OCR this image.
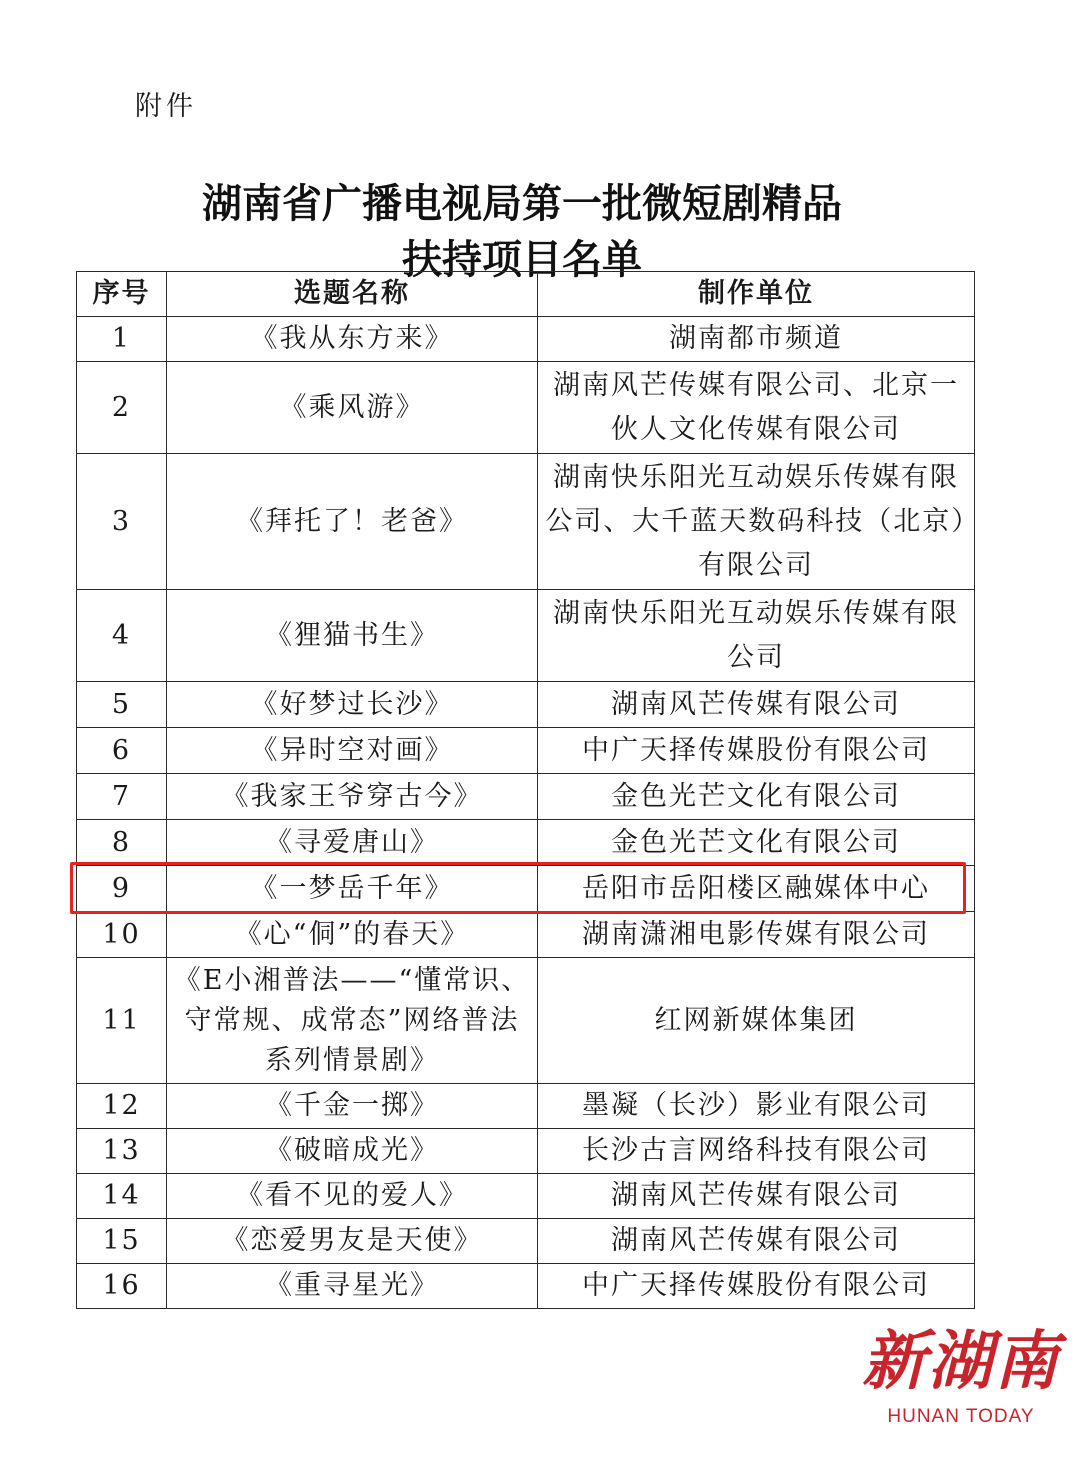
附件
湖南省广播电视局第一批微短剧精品
扶持项目名单
序号	选题名称	制作单位
1	《我从东方来》	湖南都市频道
2	《乘风游》	湖南风芒传媒有限公司、北京一伙人文化传媒有限公司
3	《拜托了！老爸》	湖南快乐阳光互动娱乐传媒有限公司、大千蓝天数码科技（北京）有限公司
4	《狸猫书生》	湖南快乐阳光互动娱乐传媒有限公司
5	《好梦过长沙》	湖南风芒传媒有限公司
6	《异时空对画》	中广天择传媒股份有限公司
7	《我家王爷穿古今》	金色光芒文化有限公司
8	《寻爱唐山》	金色光芒文化有限公司
9	《一梦岳千年》	岳阳市岳阳楼区融媒体中心
10	《心“侗”的春天》	湖南潇湘电影传媒有限公司
11	《E小湘普法——“懂常识、守常规、成常态”网络普法系列情景剧》	红网新媒体集团
12	《千金一掷》	墨凝（长沙）影业有限公司
13	《破暗成光》	长沙古言网络科技有限公司
14	《看不见的爱人》	湖南风芒传媒有限公司
15	《恋爱男友是天使》	湖南风芒传媒有限公司
16	《重寻星光》	中广天择传媒股份有限公司
新湖南
HUNAN TODAY
